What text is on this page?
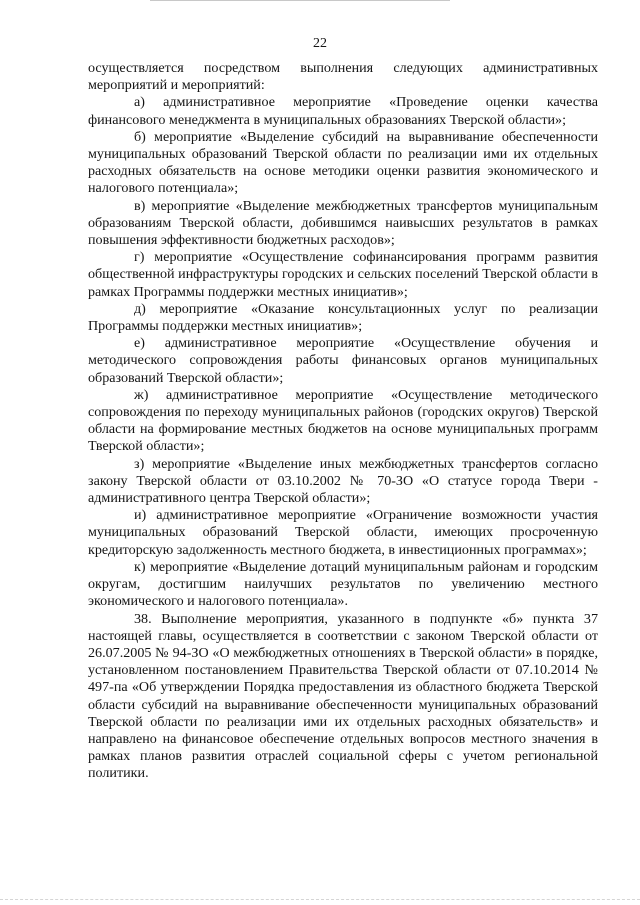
22

осуществляется посредством выполнения следующих административных мероприятий и мероприятий:

а) административное мероприятие «Проведение оценки качества финансового менеджмента в муниципальных образованиях Тверской области»;

б) мероприятие «Выделение субсидий на выравнивание обеспеченности муниципальных образований Тверской области по реализации ими их отдельных расходных обязательств на основе методики оценки развития экономического и налогового потенциала»;

в) мероприятие «Выделение межбюджетных трансфертов муниципальным образованиям Тверской области, добившимся наивысших результатов в рамках повышения эффективности бюджетных расходов»;

г) мероприятие «Осуществление софинансирования программ развития общественной инфраструктуры городских и сельских поселений Тверской области в рамках Программы поддержки местных инициатив»;

д) мероприятие «Оказание консультационных услуг по реализации Программы поддержки местных инициатив»;

е) административное мероприятие «Осуществление обучения и методического сопровождения работы финансовых органов муниципальных образований Тверской области»;

ж) административное мероприятие «Осуществление методического сопровождения по переходу муниципальных районов (городских округов) Тверской области на формирование местных бюджетов на основе муниципальных программ Тверской области»;

з) мероприятие «Выделение иных межбюджетных трансфертов согласно закону Тверской области от 03.10.2002 № 70-ЗО «О статусе города Твери - административного центра Тверской области»;

и) административное мероприятие «Ограничение возможности участия муниципальных образований Тверской области, имеющих просроченную кредиторскую задолженность местного бюджета, в инвестиционных программах»;

к) мероприятие «Выделение дотаций муниципальным районам и городским округам, достигшим наилучших результатов по увеличению местного экономического и налогового потенциала».

38. Выполнение мероприятия, указанного в подпункте «б» пункта 37 настоящей главы, осуществляется в соответствии с законом Тверской области от 26.07.2005 № 94-ЗО «О межбюджетных отношениях в Тверской области» в порядке, установленном постановлением Правительства Тверской области от 07.10.2014 № 497-па «Об утверждении Порядка предоставления из областного бюджета Тверской области субсидий на выравнивание обеспеченности муниципальных образований Тверской области по реализации ими их отдельных расходных обязательств» и направлено на финансовое обеспечение отдельных вопросов местного значения в рамках планов развития отраслей социальной сферы с учетом региональной политики.
